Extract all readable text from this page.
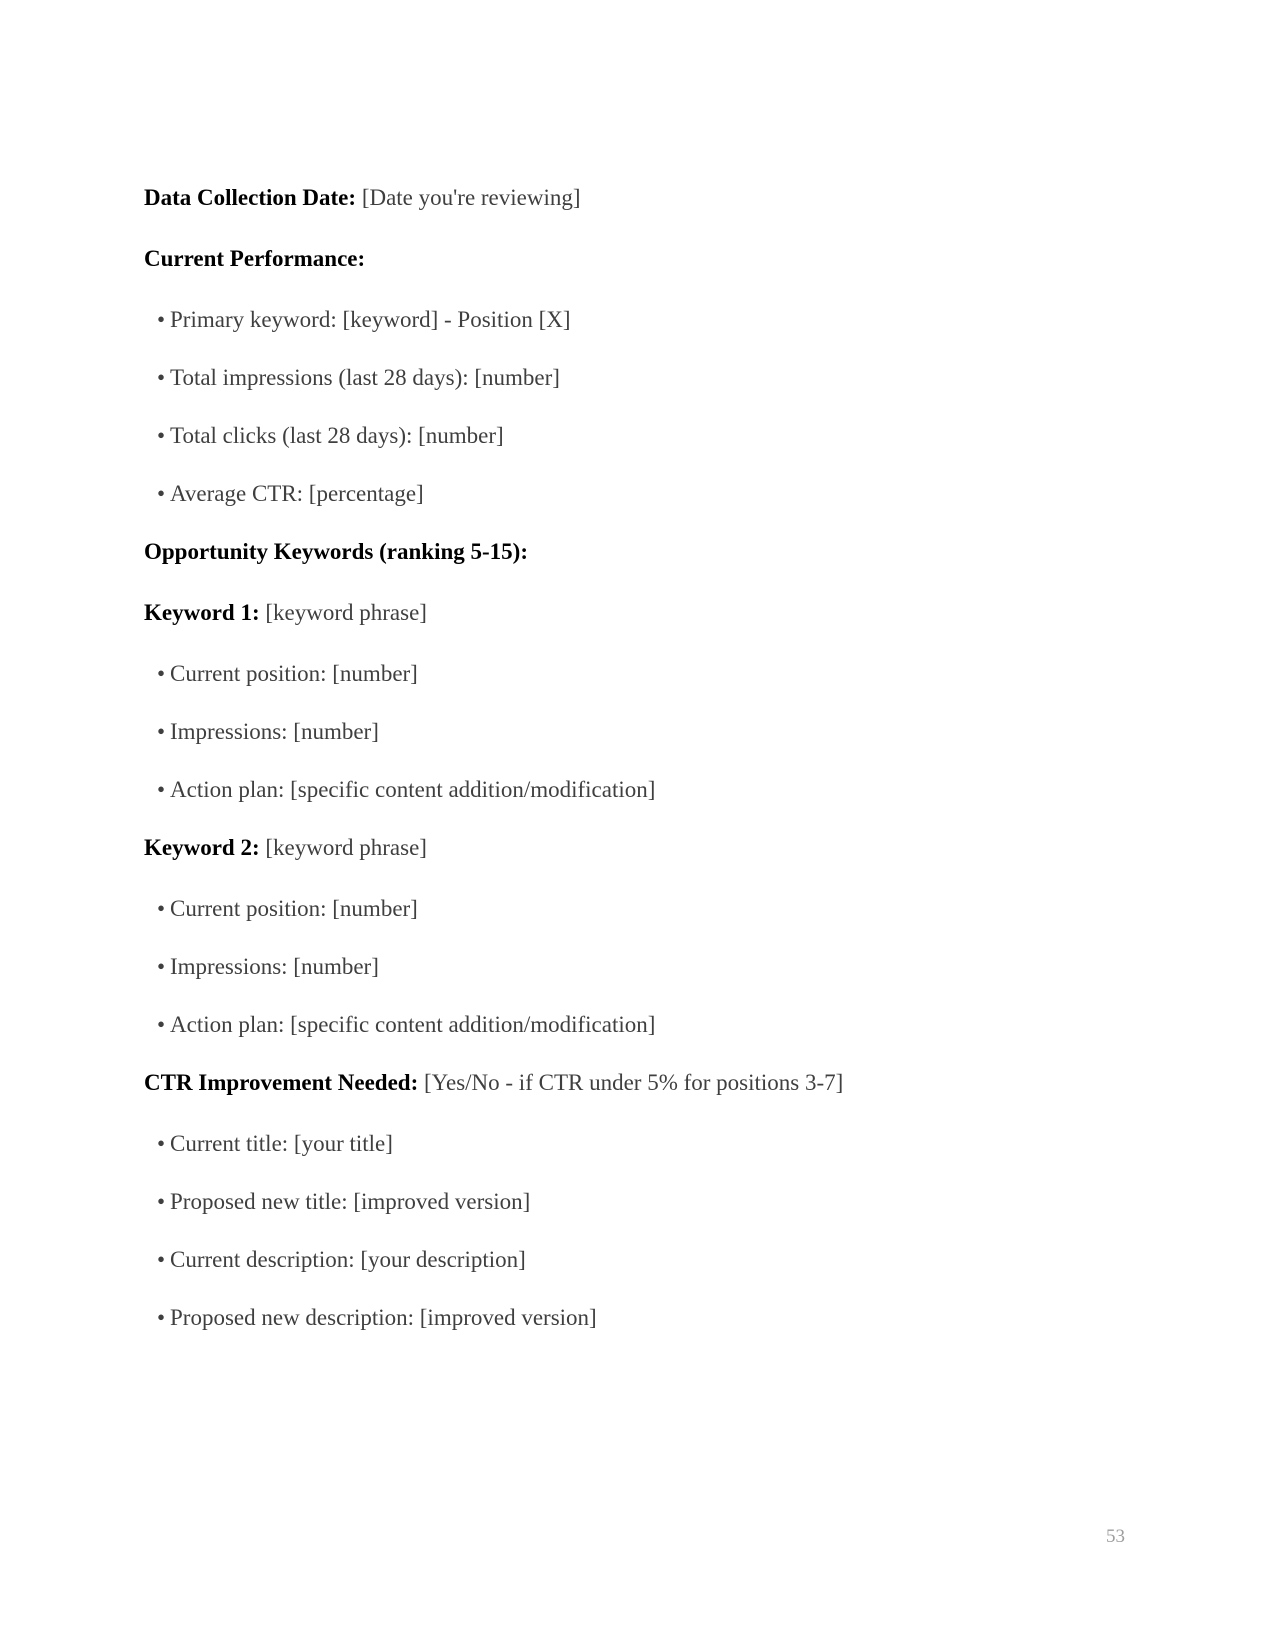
Data Collection Date: [Date you're reviewing]

Current Performance:

• Primary keyword: [keyword] - Position [X]

• Total impressions (last 28 days): [number]

• Total clicks (last 28 days): [number]

• Average CTR: [percentage]

Opportunity Keywords (ranking 5-15):

Keyword 1: [keyword phrase]

• Current position: [number]

• Impressions: [number]

• Action plan: [specific content addition/modification]

Keyword 2: [keyword phrase]

• Current position: [number]

• Impressions: [number]

• Action plan: [specific content addition/modification]

CTR Improvement Needed: [Yes/No - if CTR under 5% for positions 3-7]

• Current title: [your title]

• Proposed new title: [improved version]

• Current description: [your description]

• Proposed new description: [improved version]

53
